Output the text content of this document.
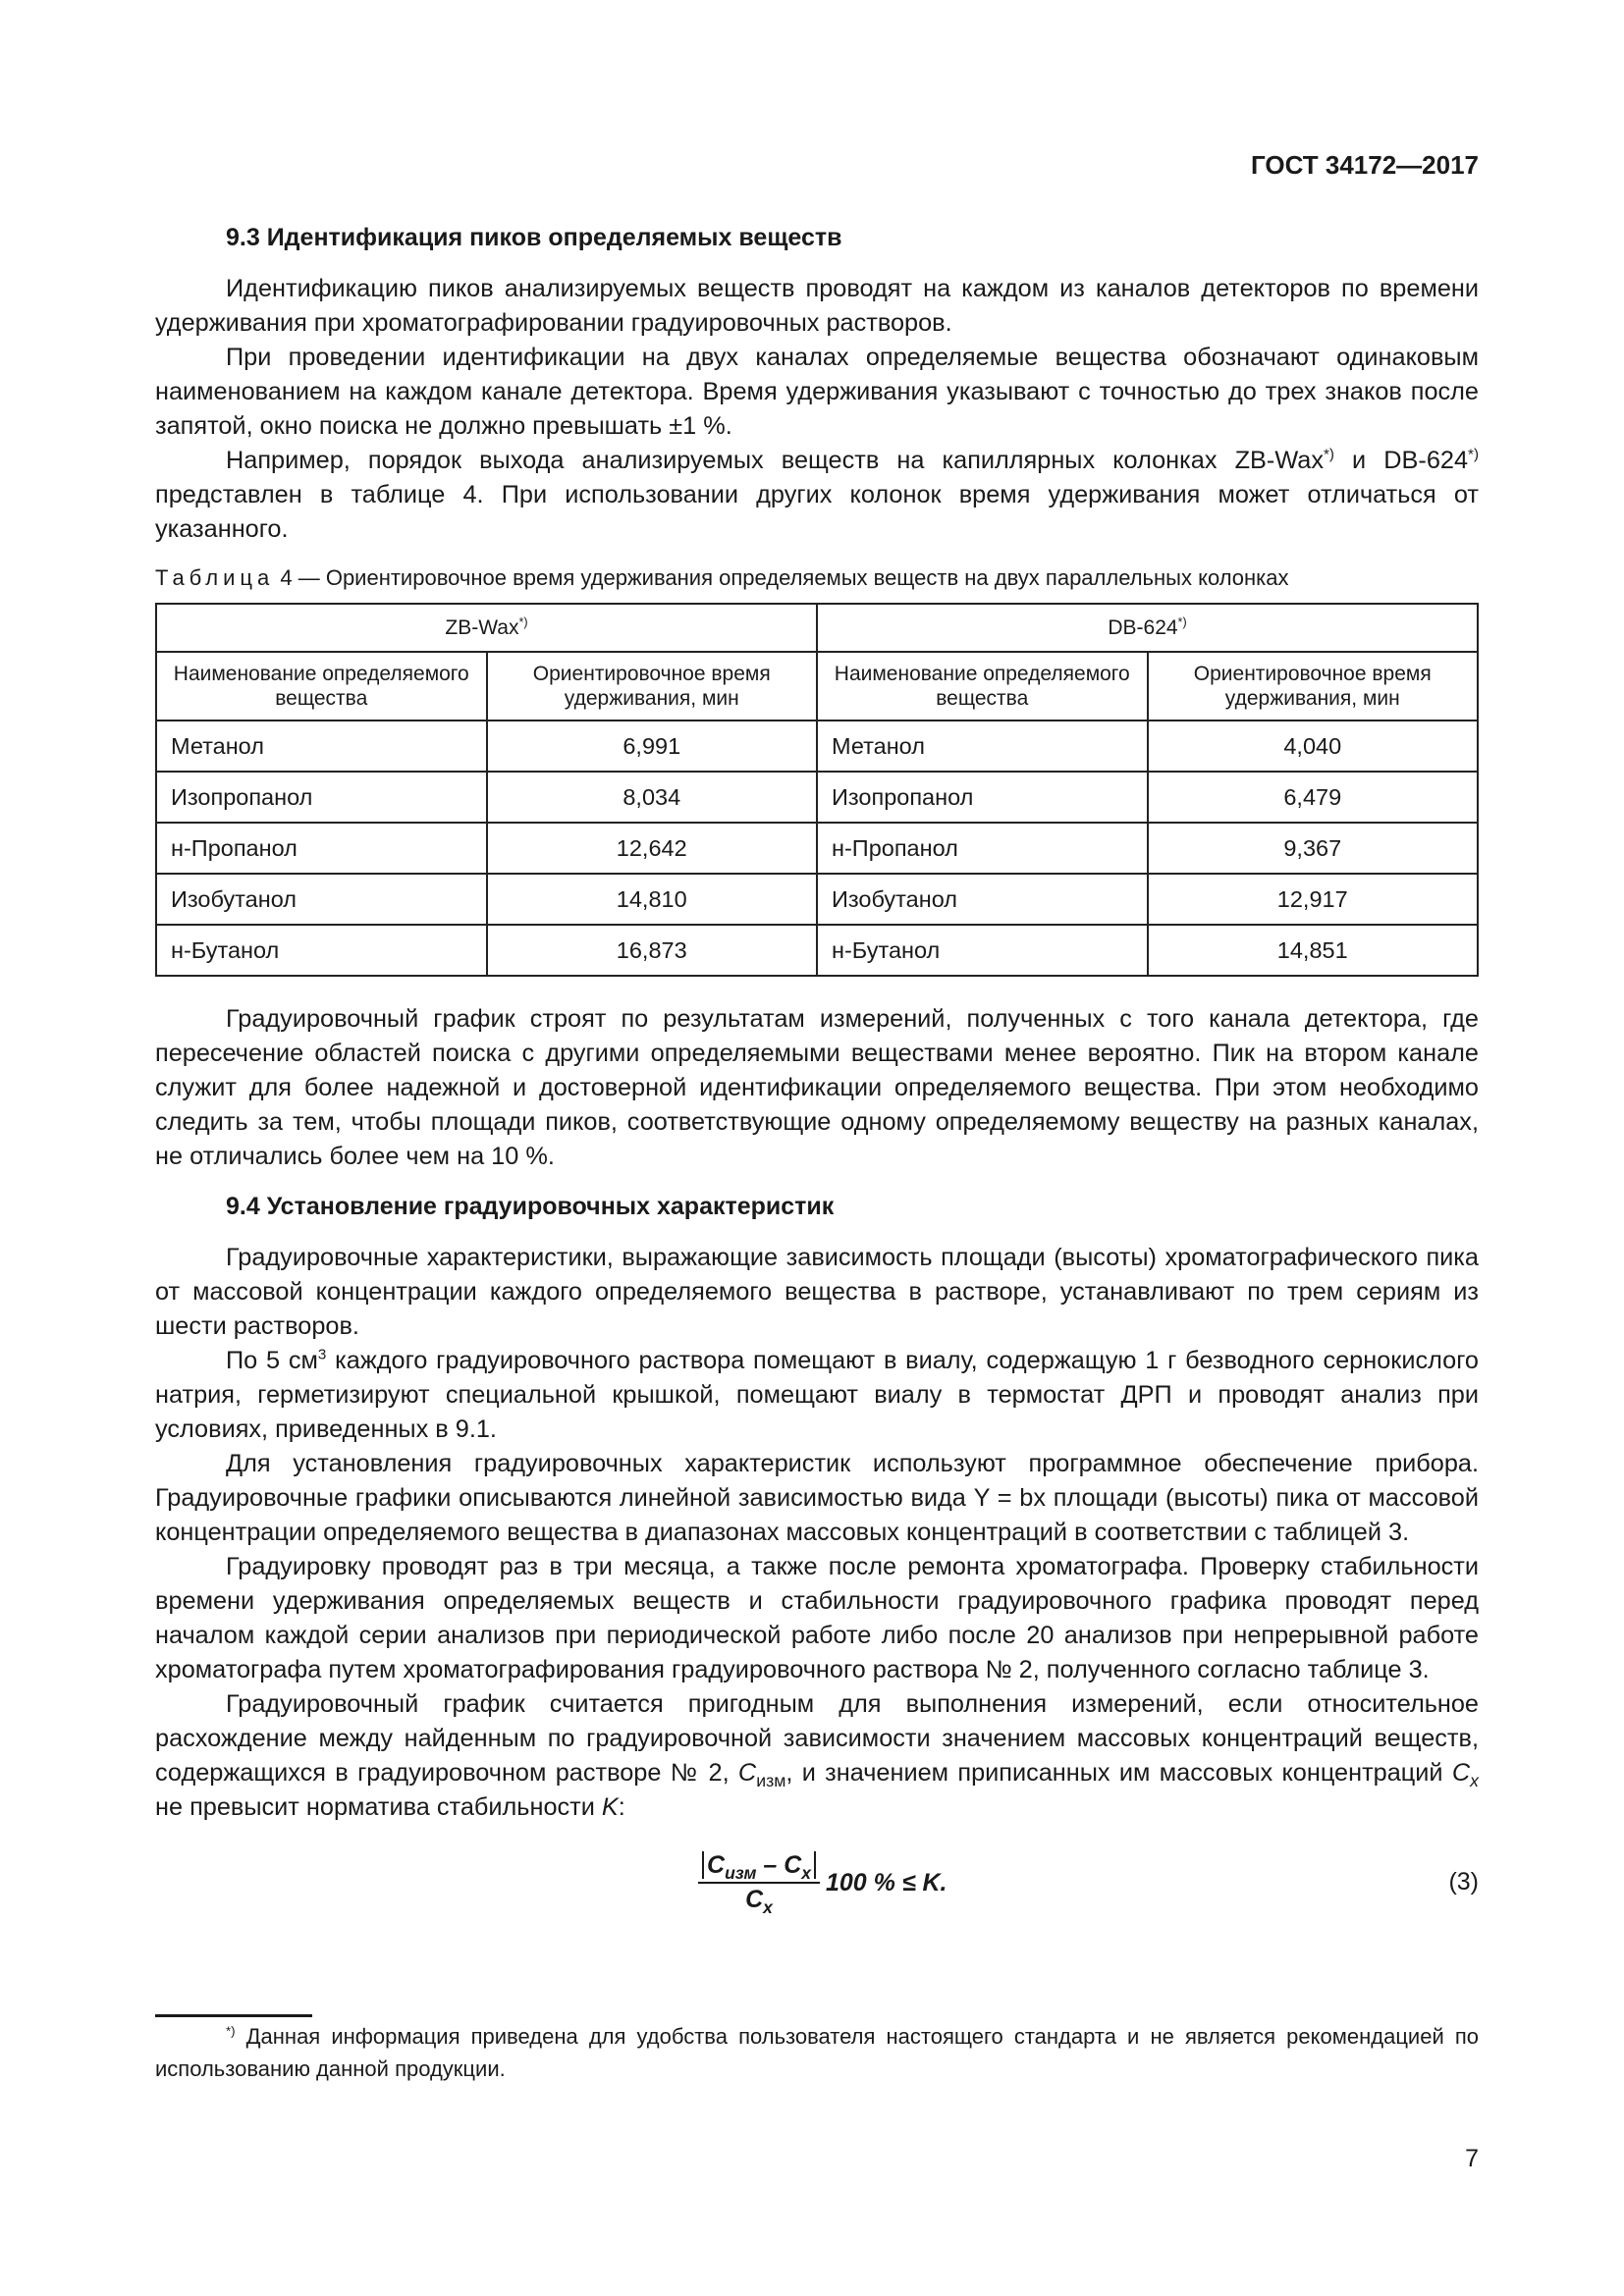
ГОСТ 34172—2017
9.3 Идентификация пиков определяемых веществ

Идентификацию пиков анализируемых веществ проводят на каждом из каналов детекторов по времени удерживания при хроматографировании градуировочных растворов.

При проведении идентификации на двух каналах определяемые вещества обозначают одинаковым наименованием на каждом канале детектора. Время удерживания указывают с точностью до трех знаков после запятой, окно поиска не должно превышать ±1 %.

Например, порядок выхода анализируемых веществ на капиллярных колонках ZB-Wax*) и DB-624*) представлен в таблице 4. При использовании других колонок время удерживания может отличаться от указанного.

Таблица 4 — Ориентировочное время удерживания определяемых веществ на двух параллельных колонках
ZB-Wax*)		DB-624*)
Наименование определяемого вещества	Ориентировочное время удерживания, мин	Наименование определяемого вещества	Ориентировочное время удерживания, мин
Метанол	6,991	Метанол	4,040
Изопропанол	8,034	Изопропанол	6,479
н-Пропанол	12,642	н-Пропанол	9,367
Изобутанол	14,810	Изобутанол	12,917
н-Бутанол	16,873	н-Бутанол	14,851

Градуировочный график строят по результатам измерений, полученных с того канала детектора, где пересечение областей поиска с другими определяемыми веществами менее вероятно. Пик на втором канале служит для более надежной и достоверной идентификации определяемого вещества. При этом необходимо следить за тем, чтобы площади пиков, соответствующие одному определяемому веществу на разных каналах, не отличались более чем на 10 %.

9.4 Установление градуировочных характеристик

Градуировочные характеристики, выражающие зависимость площади (высоты) хроматографического пика от массовой концентрации каждого определяемого вещества в растворе, устанавливают по трем сериям из шести растворов.

По 5 $см^3$ каждого градуировочного раствора помещают в виалу, содержащую 1 г безводного сернокислого натрия, герметизируют специальной крышкой, помещают виалу в термостат ДРП и проводят анализ при условиях, приведенных в 9.1.

Для установления градуировочных характеристик используют программное обеспечение прибора. Градуировочные графики описываются линейной зависимостью вида Y = bx площади (высоты) пика от массовой концентрации определяемого вещества в диапазонах массовых концентраций в соответствии с таблицей 3.

Градуировку проводят раз в три месяца, а также после ремонта хроматографа. Проверку стабильности времени удерживания определяемых веществ и стабильности градуировочного графика проводят перед началом каждой серии анализов при периодической работе либо после 20 анализов при непрерывной работе хроматографа путем хроматографирования градуировочного раствора № 2, полученного согласно таблице 3.

Градуировочный график считается пригодным для выполнения измерений, если относительное расхождение между найденным по градуировочной зависимости значением массовых концентраций веществ, содержащихся в градуировочном растворе № 2, $C_{изм}$, и значением приписанных им массовых концентраций $C_x$ не превысит норматива стабильности K:

$\frac{C_{изм} - C_x}{C_x} 100$ % ≤ K.	(3)

*) Данная информация приведена для удобства пользователя настоящего стандарта и не является рекомендацией по использованию данной продукции.

7
